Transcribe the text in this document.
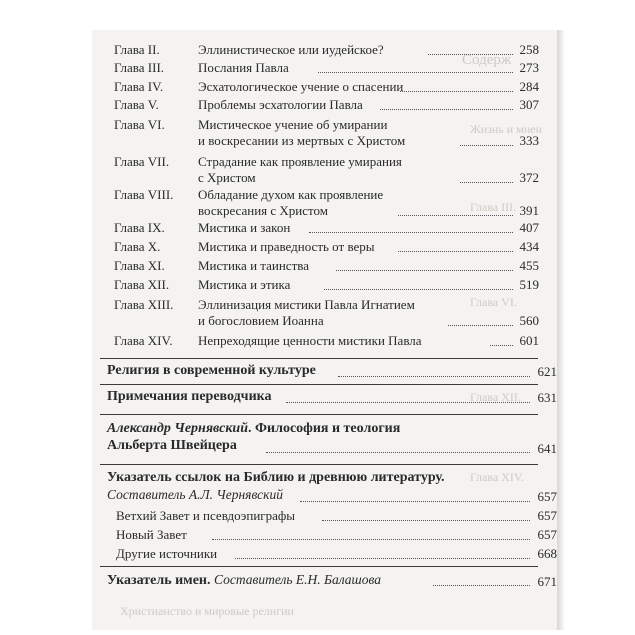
Содерж
Жизнь и мнен
Глава III.
Глава VI.
Глава XII.
Глава XIV.
Христианство и мировые религии
Глава II.	Эллинистическое или иудейское?	258
Глава III.	Послания Павла	273
Глава IV.	Эсхатологическое учение о спасении	284
Глава V.	Проблемы эсхатологии Павла	307
Глава VI.	Мистическое учение об умирании
и воскресании из мертвых с Христом	333
Глава VII. Страдание как проявление умирания
с Христом	372
Глава VIII. Обладание духом как проявление
воскресания с Христом	391
Глава IX.	Мистика и закон	407
Глава X.	Мистика и праведность от веры	434
Глава XI.	Мистика и таинства	455
Глава XII. Мистика и этика	519
Глава XIII. Эллинизация мистики Павла Игнатием
и богословием Иоанна	560
Глава XIV. Непреходящие ценности мистики Павла	601
Религия в современной культуре	621
Примечания переводчика	631
Александр Чернявский. Философия и теология
Альберта Швейцера	641
Указатель ссылок на Библию и древнюю литературу.
Составитель А.Л. Чернявский	657
Ветхий Завет и псевдоэпиграфы	657
Новый Завет	657
Другие источники	668
Указатель имен. Составитель Е.Н. Балашова	671
